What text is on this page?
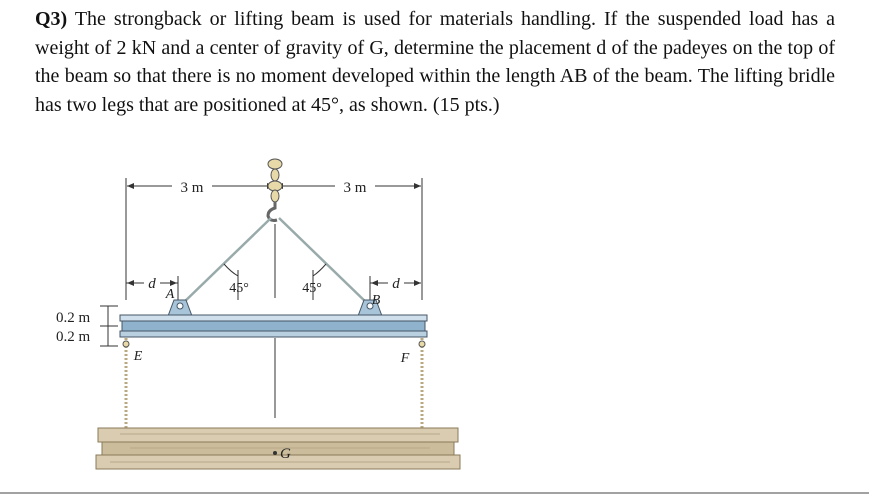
Q3) The strongback or lifting beam is used for materials handling. If the suspended load has a weight of 2 kN and a center of gravity of G, determine the placement d of the padeyes on the top of the beam so that there is no moment developed within the length AB of the beam. The lifting bridle has two legs that are positioned at 45°, as shown. (15 pts.)

3 m	3 m
45°	45°
d	d
A	B
0.2 m
0.2 m
E	F
G
